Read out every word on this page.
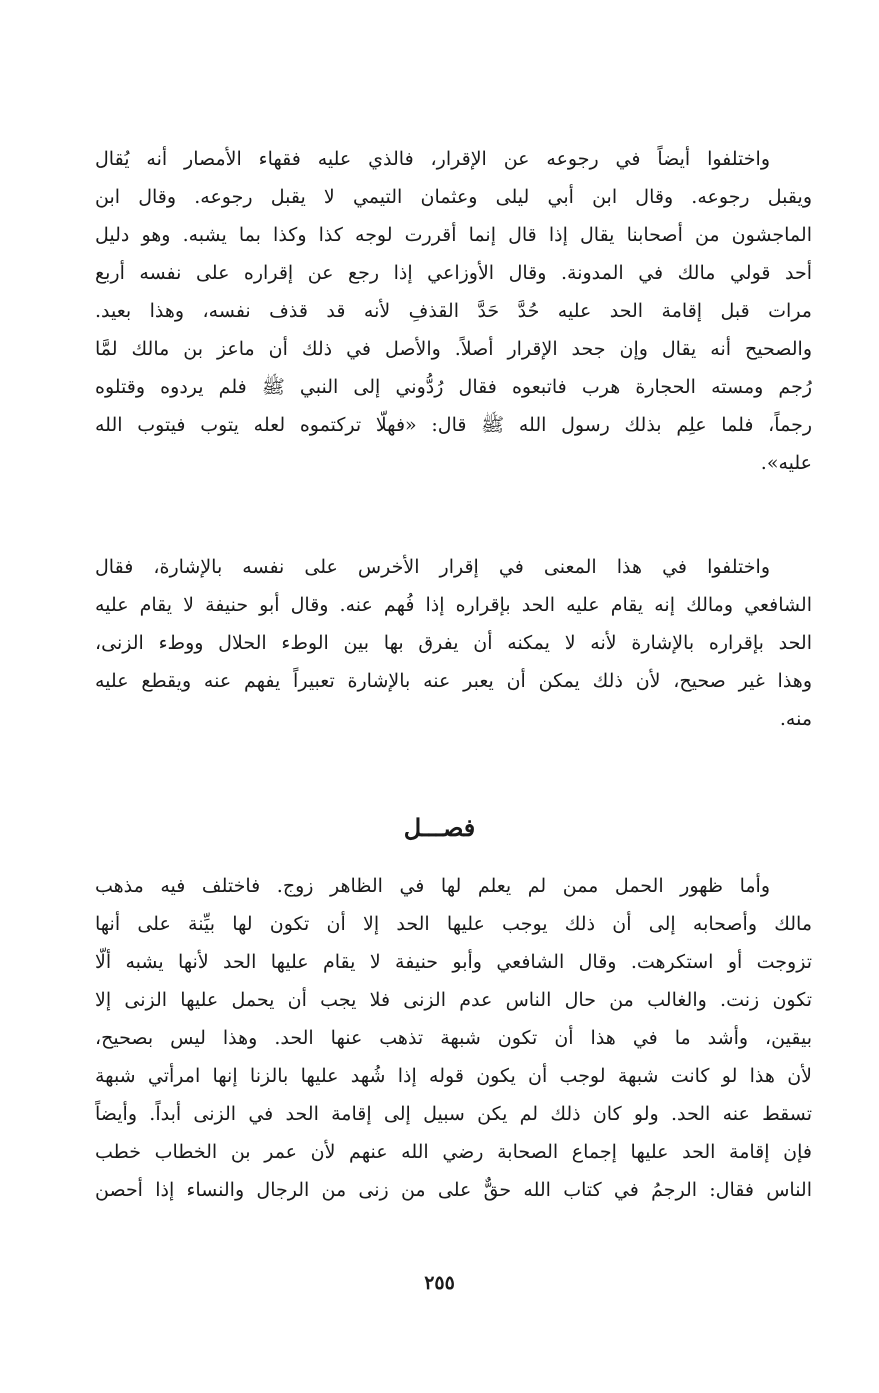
واختلفوا أيضاً في رجوعه عن الإقرار، فالذي عليه فقهاء الأمصار أنه يُقال
ويقبل رجوعه. وقال ابن أبي ليلى وعثمان التيمي لا يقبل رجوعه. وقال ابن
الماجشون من أصحابنا يقال إذا قال إنما أقررت لوجه كذا وكذا بما يشبه. وهو دليل
أحد قولي مالك في المدونة. وقال الأوزاعي إذا رجع عن إقراره على نفسه أربع
مرات قبل إقامة الحد عليه حُدَّ حَدَّ القذفِ لأنه قد قذف نفسه، وهذا بعيد.
والصحيح أنه يقال وإن جحد الإقرار أصلاً. والأصل في ذلك أن ماعز بن مالك لمَّا
رُجم ومسته الحجارة هرب فاتبعوه فقال رُدُّوني إلى النبي ﷺ فلم يردوه وقتلوه
رجماً، فلما علِم بذلك رسول الله ﷺ قال: «فهلّا تركتموه لعله يتوب فيتوب الله
عليه».
واختلفوا في هذا المعنى في إقرار الأخرس على نفسه بالإشارة، فقال
الشافعي ومالك إنه يقام عليه الحد بإقراره إذا فُهم عنه. وقال أبو حنيفة لا يقام عليه
الحد بإقراره بالإشارة لأنه لا يمكنه أن يفرق بها بين الوطء الحلال ووطء الزنى،
وهذا غير صحيح، لأن ذلك يمكن أن يعبر عنه بالإشارة تعبيراً يفهم عنه ويقطع عليه
منه.
فصـــل
وأما ظهور الحمل ممن لم يعلم لها في الظاهر زوج. فاختلف فيه مذهب
مالك وأصحابه إلى أن ذلك يوجب عليها الحد إلا أن تكون لها بيِّنة على أنها
تزوجت أو استكرهت. وقال الشافعي وأبو حنيفة لا يقام عليها الحد لأنها يشبه ألّا
تكون زنت. والغالب من حال الناس عدم الزنى فلا يجب أن يحمل عليها الزنى إلا
بيقين، وأشد ما في هذا أن تكون شبهة تذهب عنها الحد. وهذا ليس بصحيح،
لأن هذا لو كانت شبهة لوجب أن يكون قوله إذا شُهد عليها بالزنا إنها امرأتي شبهة
تسقط عنه الحد. ولو كان ذلك لم يكن سبيل إلى إقامة الحد في الزنى أبداً. وأيضاً
فإن إقامة الحد عليها إجماع الصحابة رضي الله عنهم لأن عمر بن الخطاب خطب
الناس فقال: الرجمُ في كتاب الله حقٌّ على من زنى من الرجال والنساء إذا أحصن
٢٥٥
